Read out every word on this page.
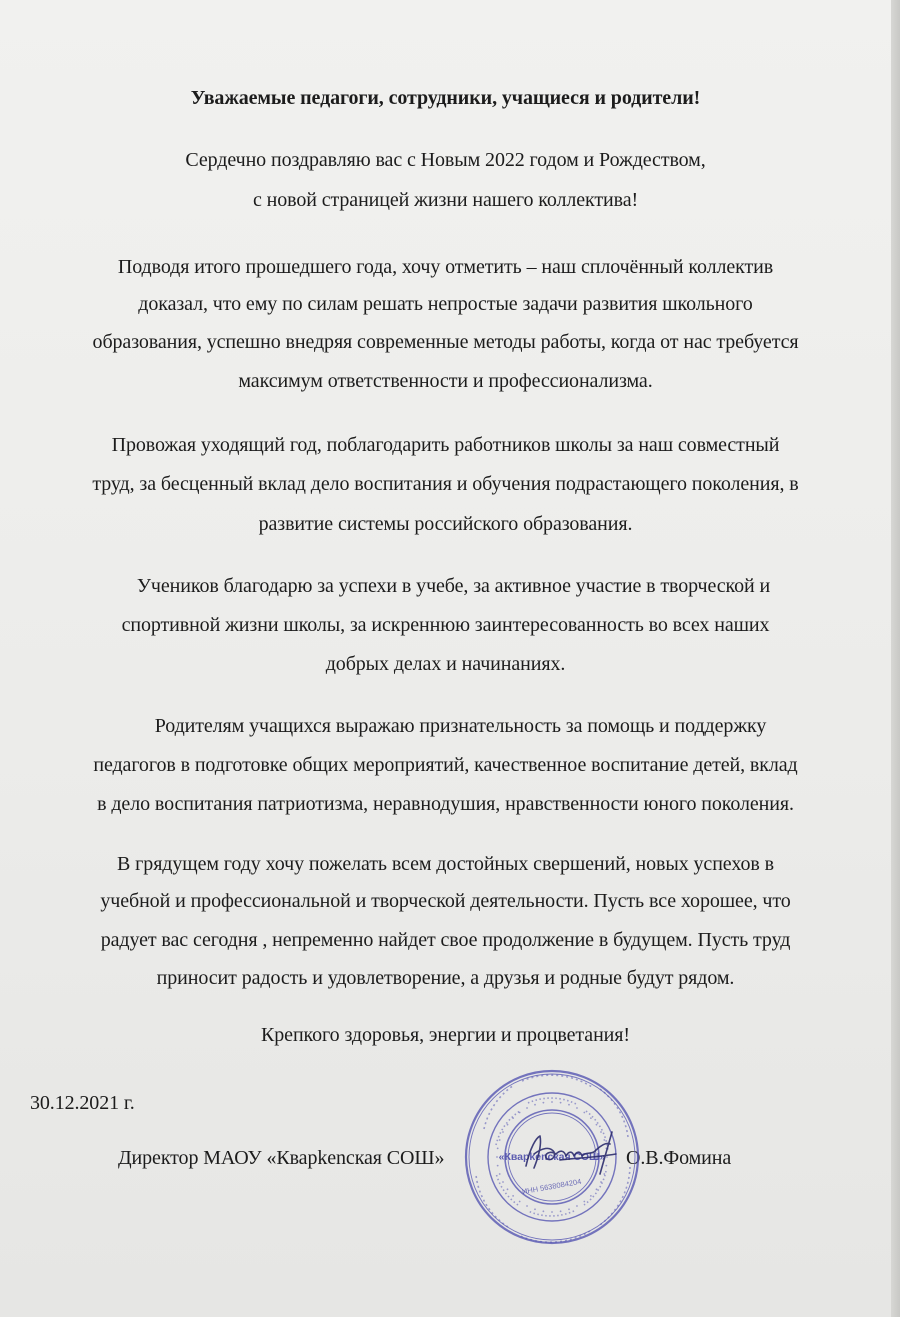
Уважаемые педагоги, сотрудники, учащиеся и родители!
Сердечно поздравляю вас с Новым 2022 годом и Рождеством,
с новой страницей жизни нашего коллектива!
Подводя итого прошедшего года, хочу отметить – наш сплочённый коллектив
доказал, что ему по силам решать непростые задачи развития школьного
образования, успешно внедряя современные методы работы, когда от нас требуется
максимум ответственности и профессионализма.
Провожая уходящий год, поблагодарить работников школы за наш совместный
труд, за бесценный вклад дело воспитания и обучения подрастающего поколения, в
развитие системы российского образования.
Учеников благодарю за успехи в учебе, за активное участие в творческой и
спортивной жизни школы, за искреннюю заинтересованность во всех наших
добрых делах и начинаниях.
Родителям учащихся выражаю признательность за помощь и поддержку
педагогов в подготовке общих мероприятий, качественное воспитание детей, вклад
в дело воспитания патриотизма, неравнодушия, нравственности юного поколения.
В грядущем году хочу пожелать всем достойных свершений, новых успехов в
учебной и профессиональной и творческой деятельности. Пусть все хорошее, что
радует вас сегодня , непременно найдет свое продолжение в будущем. Пусть труд
приносит радость и удовлетворение, а друзья и родные будут рядом.
Крепкого здоровья, энергии и процветания!
30.12.2021 г.
Директор МАОУ «Кварkenская СОШ»	О.В.Фомина
«Кварkenская СОШ»
ИНН 5638084204
